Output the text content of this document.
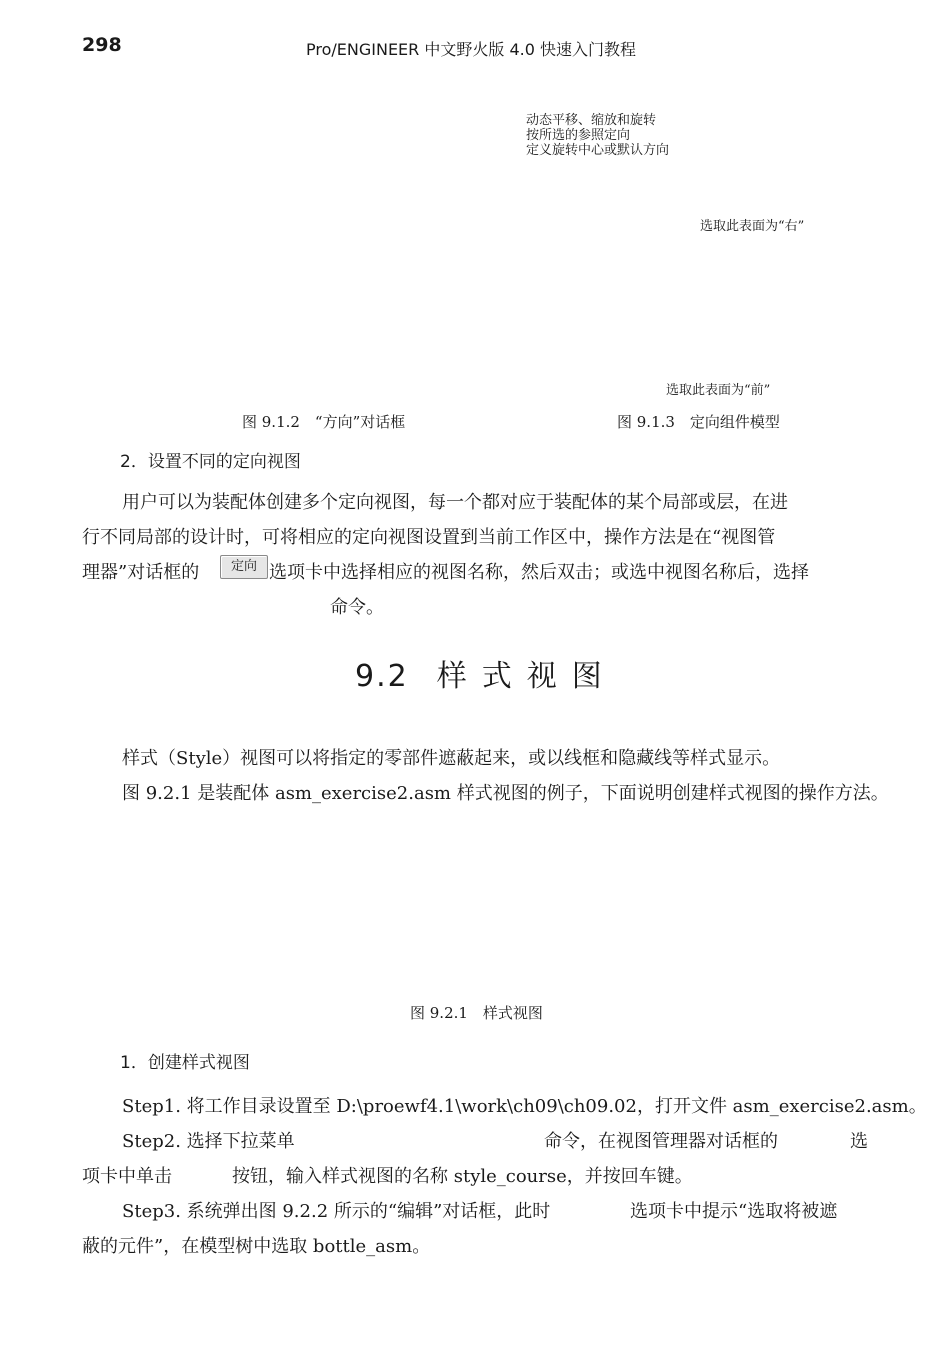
298	Pro/ENGINEER 中文野火版 4.0 快速入门教程
动态平移、缩放和旋转
按所选的参照定向
定义旋转中心或默认方向
选取此表面为“右”
选取此表面为“前”
图 9.1.2　“方向”对话框	图 9.1.3　定向组件模型
2．设置不同的定向视图
用户可以为装配体创建多个定向视图，每一个都对应于装配体的某个局部或层，在进
行不同局部的设计时，可将相应的定向视图设置到当前工作区中，操作方法是在“视图管
理器”对话框的	定向 选项卡中选择相应的视图名称，然后双击；或选中视图名称后，选择
命令。
9.2 样式视图
样式（Style）视图可以将指定的零部件遮蔽起来，或以线框和隐藏线等样式显示。
图 9.2.1 是装配体 asm_exercise2.asm 样式视图的例子，下面说明创建样式视图的操作方法。
图 9.2.1　样式视图
1．创建样式视图
Step1. 将工作目录设置至 D:\proewf4.1\work\ch09\ch09.02，打开文件 asm_exercise2.asm。
Step2. 选择下拉菜单	命令，在视图管理器对话框的	选
项卡中单击	按钮，输入样式视图的名称 style_course，并按回车键。
Step3. 系统弹出图 9.2.2 所示的“编辑”对话框，此时	选项卡中提示“选取将被遮
蔽的元件”，在模型树中选取 bottle_asm。
